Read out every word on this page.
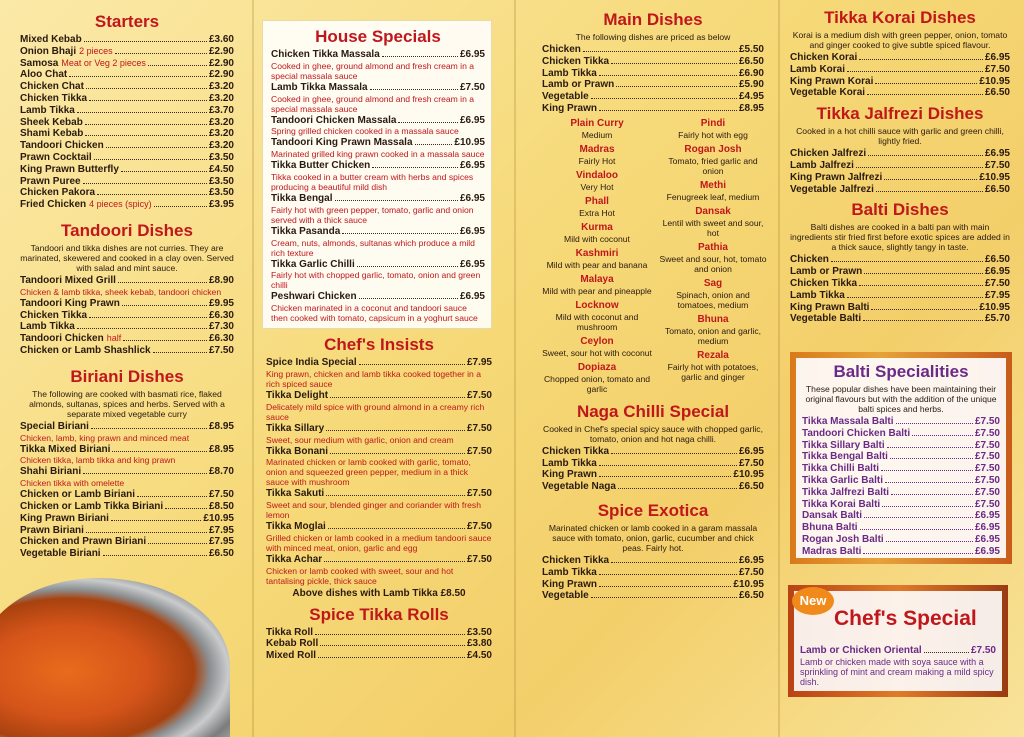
Starters
Mixed Kebab	£3.60
Onion Bhaji 2 pieces	£2.90
Samosa Meat or Veg 2 pieces	£2.90
Aloo Chat	£2.90
Chicken Chat	£3.20
Chicken Tikka	£3.20
Lamb Tikka	£3.70
Sheek Kebab	£3.20
Shami Kebab	£3.20
Tandoori Chicken	£3.20
Prawn Cocktail	£3.50
King Prawn Butterfly	£4.50
Prawn Puree	£3.50
Chicken Pakora	£3.50
Fried Chicken 4 pieces (spicy)	£3.95
Tandoori Dishes
Tandoori and tikka dishes are not curries. They are marinated, skewered and cooked in a clay oven. Served with salad and mint sauce.
Tandoori Mixed Grill	£8.90
Chicken & lamb tikka, sheek kebab, tandoori chicken
Tandoori King Prawn	£9.95
Chicken Tikka	£6.30
Lamb Tikka	£7.30
Tandoori Chicken half	£6.30
Chicken or Lamb Shashlick	£7.50
Biriani Dishes
The following are cooked with basmati rice, flaked almonds, sultanas, spices and herbs. Served with a separate mixed vegetable curry
Special Biriani	£8.95
Chicken, lamb, king prawn and minced meat
Tikka Mixed Biriani	£8.95
Chicken tikka, lamb tikka and king prawn
Shahi Biriani	£8.70
Chicken tikka with omelette
Chicken or Lamb Biriani	£7.50
Chicken or Lamb Tikka Biriani	£8.50
King Prawn Biriani	£10.95
Prawn Biriani	£7.95
Chicken and Prawn Biriani	£7.95
Vegetable Biriani	£6.50
House Specials
Chicken Tikka Massala	£6.95
Cooked in ghee, ground almond and fresh cream in a special massala sauce
Lamb Tikka Massala	£7.50
Cooked in ghee, ground almond and fresh cream in a special massala sauce
Tandoori Chicken Massala	£6.95
Spring grilled chicken cooked in a massala sauce
Tandoori King Prawn Massala	£10.95
Marinated grilled king prawn cooked in a massala sauce
Tikka Butter Chicken	£6.95
Tikka cooked in a butter cream with herbs and spices producing a beautiful mild dish
Tikka Bengal	£6.95
Fairly hot with green pepper, tomato, garlic and onion served with a thick sauce
Tikka Pasanda	£6.95
Cream, nuts, almonds, sultanas which produce a mild rich texture
Tikka Garlic Chilli	£6.95
Fairly hot with chopped garlic, tomato, onion and green chilli
Peshwari Chicken	£6.95
Chicken marinated in a coconut and tandoori sauce then cooked with tomato, capsicum in a yoghurt sauce
Chef's Insists
Spice India Special	£7.95
King prawn, chicken and lamb tikka cooked together in a rich spiced sauce
Tikka Delight	£7.50
Delicately mild spice with ground almond in a creamy rich sauce
Tikka Sillary	£7.50
Sweet, sour medium with garlic, onion and cream
Tikka Bonani	£7.50
Marinated chicken or lamb cooked with garlic, tomato, onion and squeezed green pepper, medium in a thick sauce with mushroom
Tikka Sakuti	£7.50
Sweet and sour, blended ginger and coriander with fresh lemon
Tikka Moglai	£7.50
Grilled chicken or lamb cooked in a medium tandoori sauce with minced meat, onion, garlic and egg
Tikka Achar	£7.50
Chicken or lamb cooked with sweet, sour and hot tantalising pickle, thick sauce
Above dishes with Lamb Tikka £8.50
Spice Tikka Rolls
Tikka Roll	£3.50
Kebab Roll	£3.80
Mixed Roll	£4.50
Main Dishes
The following dishes are priced as below
Chicken	£5.50
Chicken Tikka	£6.50
Lamb Tikka	£6.90
Lamb or Prawn	£5.90
Vegetable	£4.95
King Prawn	£8.95
Plain Curry
Medium
Madras
Fairly Hot
Vindaloo
Very Hot
Phall
Extra Hot
Kurma
Mild with coconut
Kashmiri
Mild with pear and banana
Malaya
Mild with pear and pineapple
Locknow
Mild with coconut and mushroom
Ceylon
Sweet, sour hot with coconut
Dopiaza
Chopped onion, tomato and garlic
Pindi
Fairly hot with egg
Rogan Josh
Tomato, fried garlic and onion
Methi
Fenugreek leaf, medium
Dansak
Lentil with sweet and sour, hot
Pathia
Sweet and sour, hot, tomato and onion
Sag
Spinach, onion and tomatoes, medium
Bhuna
Tomato, onion and garlic, medium
Rezala
Fairly hot with potatoes, garlic and ginger
Naga Chilli Special
Cooked in Chef's special spicy sauce with chopped garlic, tomato, onion and hot naga chilli.
Chicken Tikka	£6.95
Lamb Tikka	£7.50
King Prawn	£10.95
Vegetable Naga	£6.50
Spice Exotica
Marinated chicken or lamb cooked in a garam massala sauce with tomato, onion, garlic, cucumber and chick peas. Fairly hot.
Chicken Tikka	£6.95
Lamb Tikka	£7.50
King Prawn	£10.95
Vegetable	£6.50
Tikka Korai Dishes
Korai is a medium dish with green pepper, onion, tomato and ginger cooked to give subtle spiced flavour.
Chicken Korai	£6.95
Lamb Korai	£7.50
King Prawn Korai	£10.95
Vegetable Korai	£6.50
Tikka Jalfrezi Dishes
Cooked in a hot chilli sauce with garlic and green chilli, lightly fried.
Chicken Jalfrezi	£6.95
Lamb Jalfrezi	£7.50
King Prawn Jalfrezi	£10.95
Vegetable Jalfrezi	£6.50
Balti Dishes
Balti dishes are cooked in a balti pan with main ingredients stir fried first before exotic spices are added in a thick sauce, slightly tangy in taste.
Chicken	£6.50
Lamb or Prawn	£6.95
Chicken Tikka	£7.50
Lamb Tikka	£7.95
King Prawn Balti	£10.95
Vegetable Balti	£5.70
Balti Specialities
These popular dishes have been maintaining their original flavours but with the addition of the unique balti spices and herbs.
Tikka Massala Balti	£7.50
Tandoori Chicken Balti	£7.50
Tikka Sillary Balti	£7.50
Tikka Bengal Balti	£7.50
Tikka Chilli Balti	£7.50
Tikka Garlic Balti	£7.50
Tikka Jalfrezi Balti	£7.50
Tikka Korai Balti	£7.50
Dansak Balti	£6.95
Bhuna Balti	£6.95
Rogan Josh Balti	£6.95
Madras Balti	£6.95
New
Chef's Special
Lamb or Chicken Oriental	£7.50
Lamb or chicken made with soya sauce with a sprinkling of mint and cream making a mild spicy dish.
